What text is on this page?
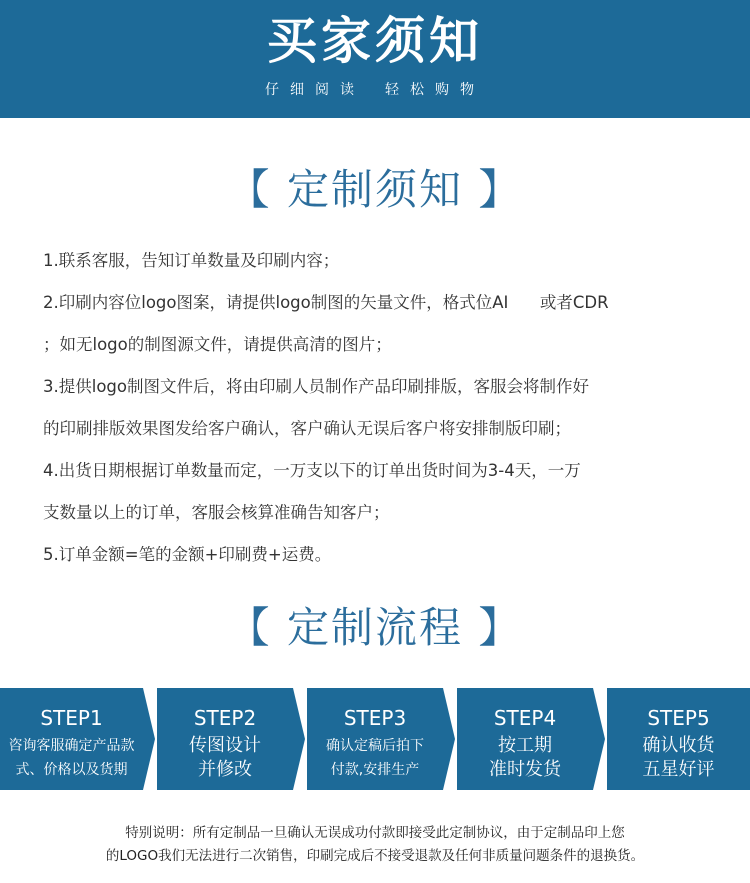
买家须知
仔细阅读 轻松购物
【 定制须知 】
1.联系客服，告知订单数量及印刷内容；
2.印刷内容位logo图案，请提供logo制图的矢量文件，格式位AI      或者CDR
；如无logo的制图源文件，请提供高清的图片；
3.提供logo制图文件后，将由印刷人员制作产品印刷排版，客服会将制作好
的印刷排版效果图发给客户确认，客户确认无误后客户将安排制版印刷；
4.出货日期根据订单数量而定，一万支以下的订单出货时间为3-4天，一万
支数量以上的订单，客服会核算准确告知客户；
5.订单金额=笔的金额+印刷费+运费。
【 定制流程 】
STEP1
咨询客服确定产品款
式、价格以及货期
STEP2
传图设计
并修改
STEP3
确认定稿后拍下
付款,安排生产
STEP4
按工期
准时发货
STEP5
确认收货
五星好评
特别说明：所有定制品一旦确认无误成功付款即接受此定制协议，由于定制品印上您
的LOGO我们无法进行二次销售，印刷完成后不接受退款及任何非质量问题条件的退换货。
